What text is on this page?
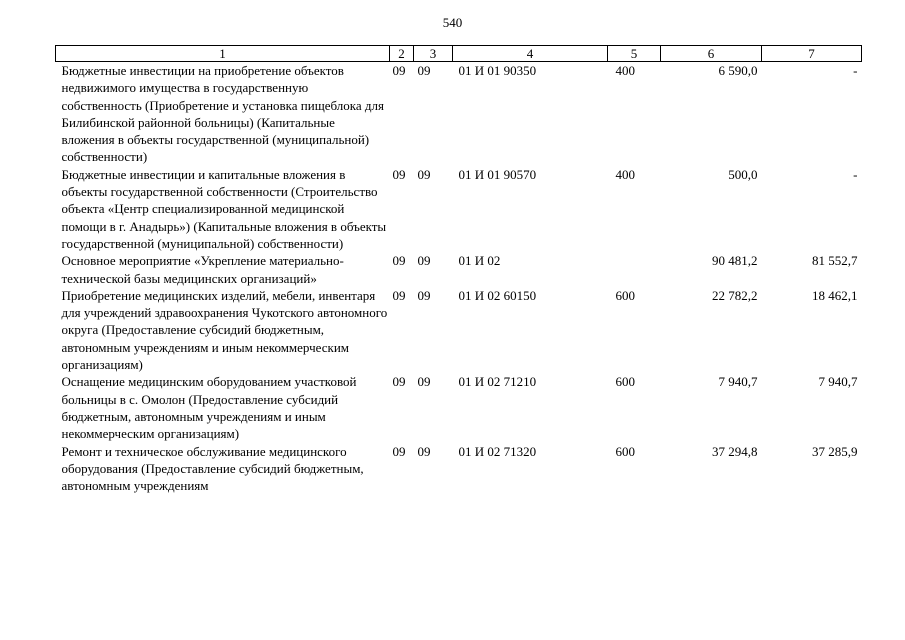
540
1	2	3	4	5	6	7
Бюджетные инвестиции на приобретение объектов недвижимого имущества в государственную собственность (Приобретение и установка пищеблока для Билибинской районной больницы) (Капитальные вложения в объекты государственной (муниципальной) собственности)	09	09	01 И 01 90350	400	6 590,0	-
Бюджетные инвестиции и капитальные вложения в объекты государственной собственности (Строительство объекта «Центр специализированной медицинской помощи в г. Анадырь») (Капитальные вложения в объекты государственной (муниципальной) собственности)	09	09	01 И 01 90570	400	500,0	-
Основное мероприятие «Укрепление материально-технической базы медицинских организаций»	09	09	01 И 02		90 481,2	81 552,7
Приобретение медицинских изделий, мебели, инвентаря для учреждений здравоохранения Чукотского автономного округа (Предоставление субсидий бюджетным, автономным учреждениям и иным некоммерческим организациям)	09	09	01 И 02 60150	600	22 782,2	18 462,1
Оснащение медицинским оборудованием участковой больницы в с. Омолон (Предоставление субсидий бюджетным, автономным учреждениям и иным некоммерческим организациям)	09	09	01 И 02 71210	600	7 940,7	7 940,7
Ремонт и техническое обслуживание медицинского оборудования (Предоставление субсидий бюджетным, автономным учреждениям	09	09	01 И 02 71320	600	37 294,8	37 285,9
